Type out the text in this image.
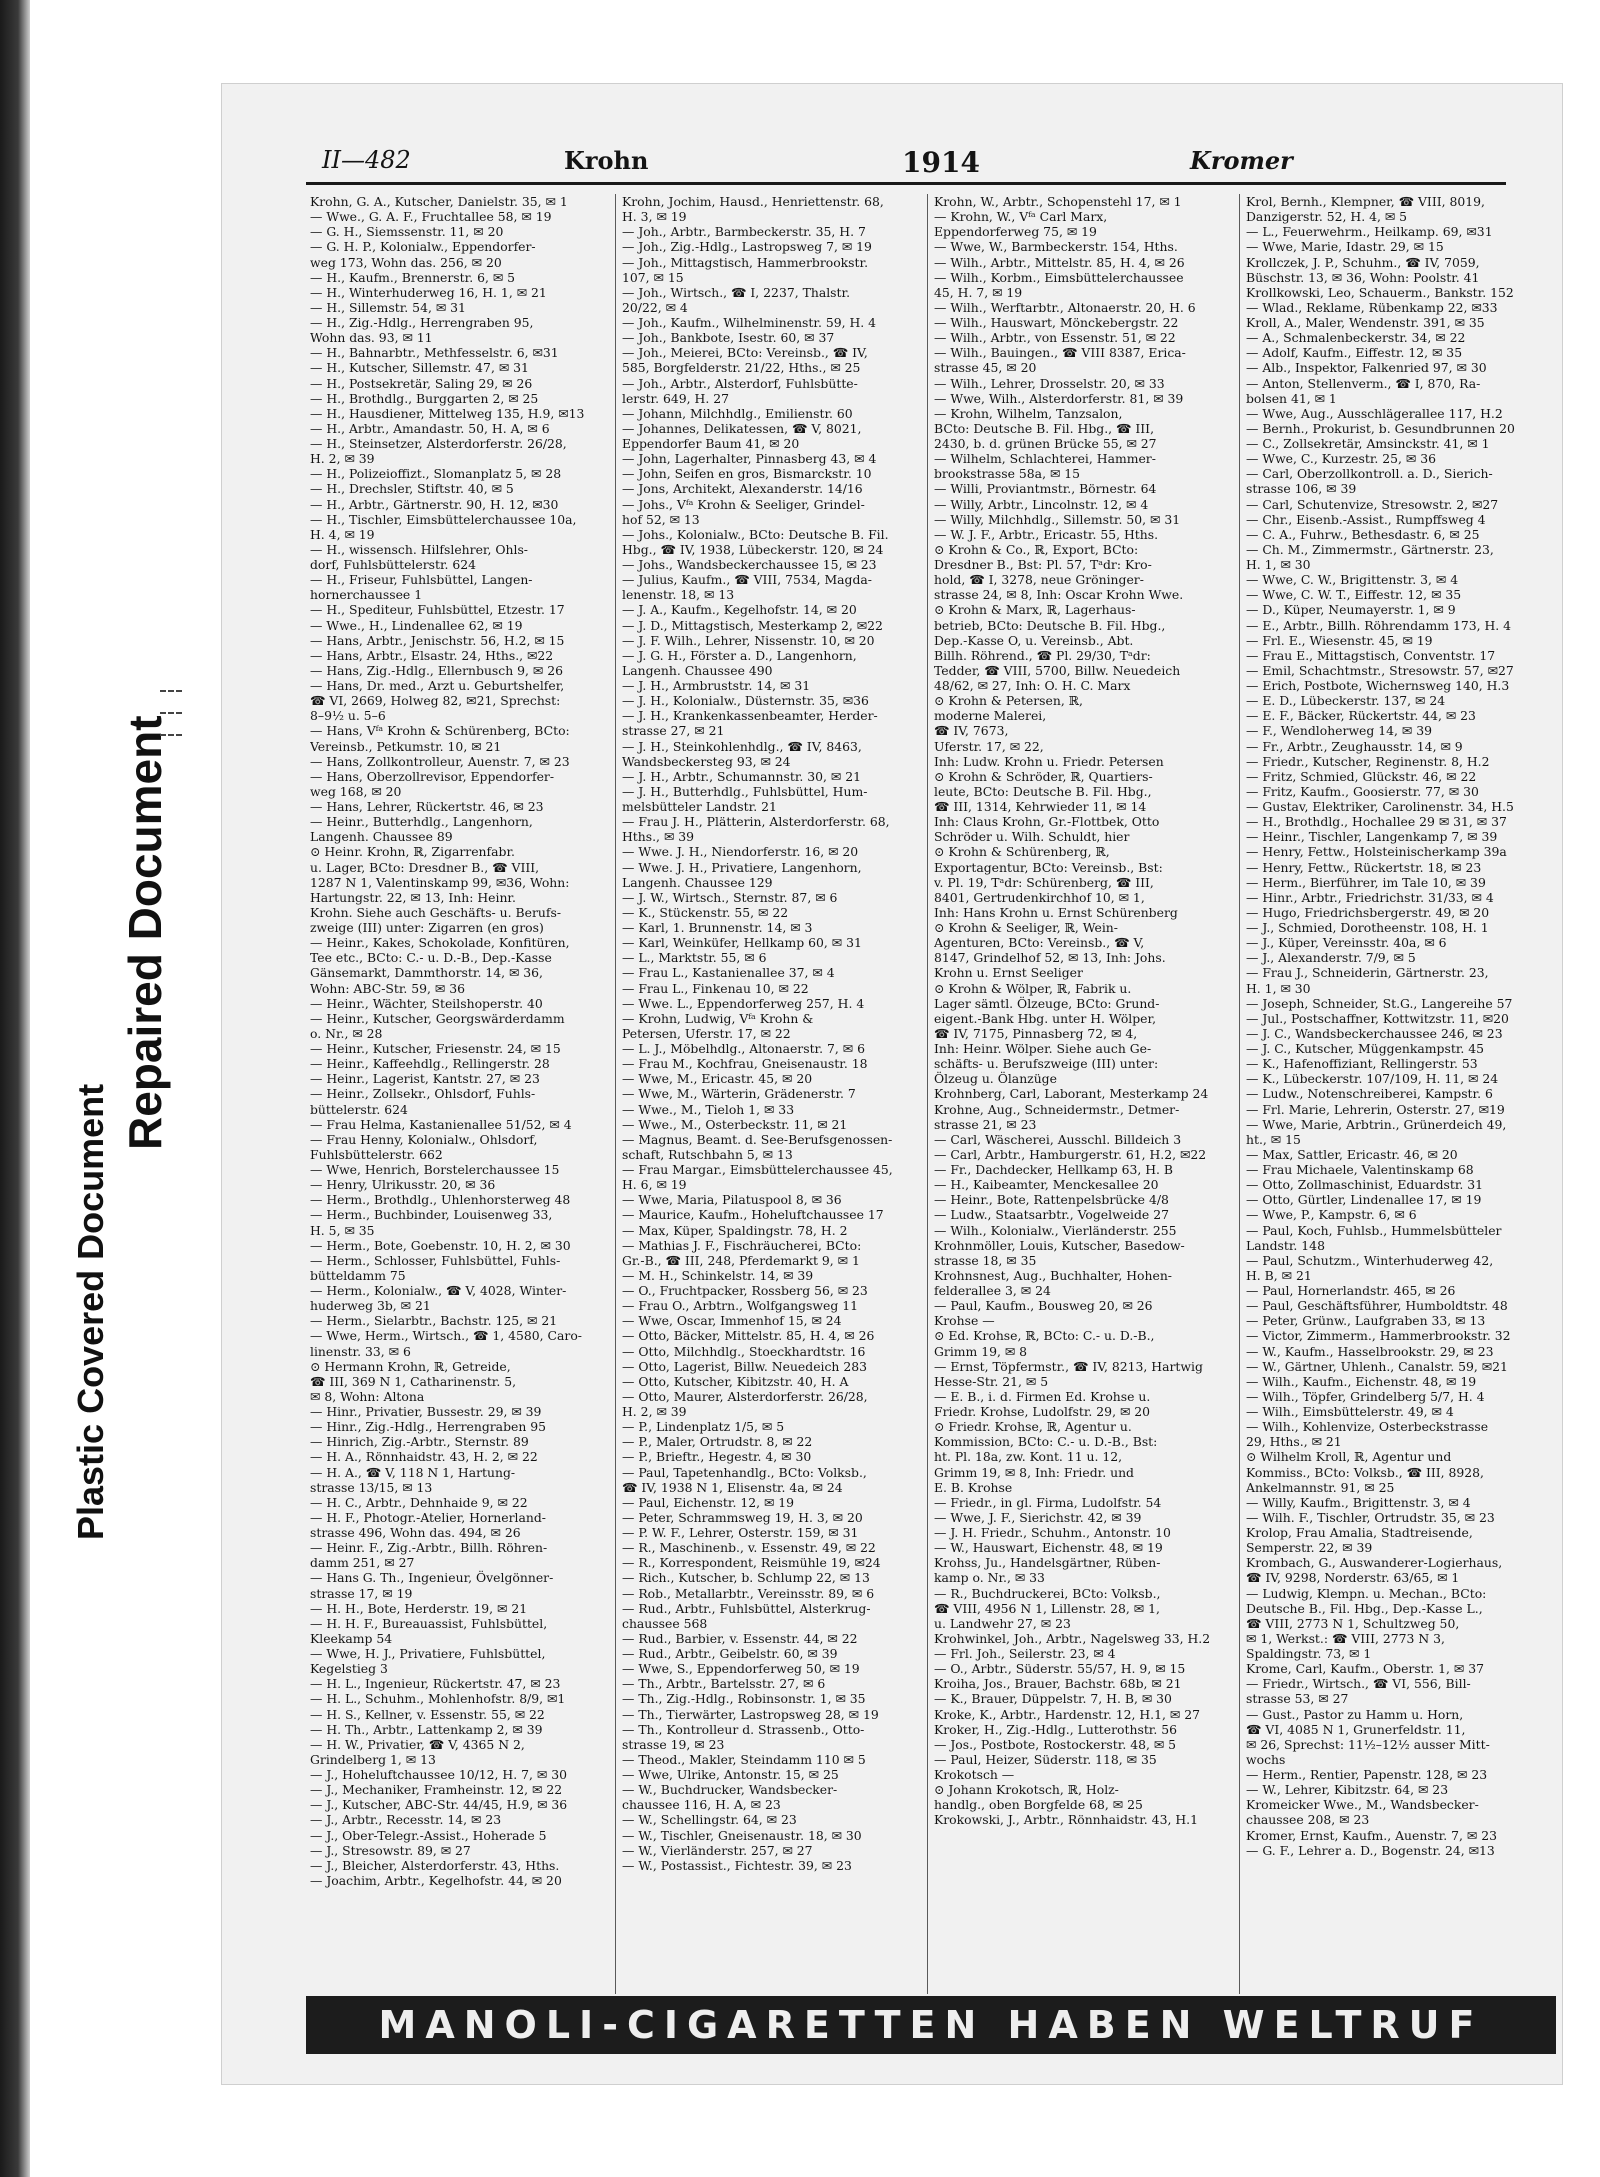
Plastic Covered Document
Repaired Document
II—482	Krohn	1914	Kromer
Krohn, G. A., Kutscher, Danielstr. 35, ✉ 1
— Wwe., G. A. F., Fruchtallee 58, ✉ 19
— G. H., Siemssenstr. 11, ✉ 20
— G. H. P., Kolonialw., Eppendorfer-
weg 173, Wohn das. 256, ✉ 20
— H., Kaufm., Brennerstr. 6, ✉ 5
— H., Winterhuderweg 16, H. 1, ✉ 21
— H., Sillemstr. 54, ✉ 31
— H., Zig.-Hdlg., Herrengraben 95,
Wohn das. 93, ✉ 11
— H., Bahnarbtr., Methfesselstr. 6, ✉31
— H., Kutscher, Sillemstr. 47, ✉ 31
— H., Postsekretär, Saling 29, ✉ 26
— H., Brothdlg., Burggarten 2, ✉ 25
— H., Hausdiener, Mittelweg 135, H.9, ✉13
— H., Arbtr., Amandastr. 50, H. A, ✉ 6
— H., Steinsetzer, Alsterdorferstr. 26/28,
H. 2, ✉ 39
— H., Polizeioffizt., Slomanplatz 5, ✉ 28
— H., Drechsler, Stiftstr. 40, ✉ 5
— H., Arbtr., Gärtnerstr. 90, H. 12, ✉30
— H., Tischler, Eimsbüttelerchaussee 10a,
H. 4, ✉ 19
— H., wissensch. Hilfslehrer, Ohls-
dorf, Fuhlsbüttelerstr. 624
— H., Friseur, Fuhlsbüttel, Langen-
hornerchaussee 1
— H., Spediteur, Fuhlsbüttel, Etzestr. 17
— Wwe., H., Lindenallee 62, ✉ 19
— Hans, Arbtr., Jenischstr. 56, H.2, ✉ 15
— Hans, Arbtr., Elsastr. 24, Hths., ✉22
— Hans, Zig.-Hdlg., Ellernbusch 9, ✉ 26
— Hans, Dr. med., Arzt u. Geburtshelfer,
☎ VI, 2669, Holweg 82, ✉21, Sprechst:
8–9½ u. 5–6
— Hans, Vᶠᵃ Krohn & Schürenberg, BCto:
Vereinsb., Petkumstr. 10, ✉ 21
— Hans, Zollkontrolleur, Auenstr. 7, ✉ 23
— Hans, Oberzollrevisor, Eppendorfer-
weg 168, ✉ 20
— Hans, Lehrer, Rückertstr. 46, ✉ 23
— Heinr., Butterhdlg., Langenhorn,
Langenh. Chaussee 89
⊙ Heinr. Krohn, ℝ, Zigarrenfabr.
u. Lager, BCto: Dresdner B., ☎ VIII,
1287 N 1, Valentinskamp 99, ✉36, Wohn:
Hartungstr. 22, ✉ 13, Inh: Heinr.
Krohn. Siehe auch Geschäfts- u. Berufs-
zweige (III) unter: Zigarren (en gros)
— Heinr., Kakes, Schokolade, Konfitüren,
Tee etc., BCto: C.- u. D.-B., Dep.-Kasse
Gänsemarkt, Dammthorstr. 14, ✉ 36,
Wohn: ABC-Str. 59, ✉ 36
— Heinr., Wächter, Steilshoperstr. 40
— Heinr., Kutscher, Georgswärderdamm
o. Nr., ✉ 28
— Heinr., Kutscher, Friesenstr. 24, ✉ 15
— Heinr., Kaffeehdlg., Rellingerstr. 28
— Heinr., Lagerist, Kantstr. 27, ✉ 23
— Heinr., Zollsekr., Ohlsdorf, Fuhls-
büttelerstr. 624
— Frau Helma, Kastanienallee 51/52, ✉ 4
— Frau Henny, Kolonialw., Ohlsdorf,
Fuhlsbüttelerstr. 662
— Wwe, Henrich, Borstelerchaussee 15
— Henry, Ulrikusstr. 20, ✉ 36
— Herm., Brothdlg., Uhlenhorsterweg 48
— Herm., Buchbinder, Louisenweg 33,
H. 5, ✉ 35
— Herm., Bote, Goebenstr. 10, H. 2, ✉ 30
— Herm., Schlosser, Fuhlsbüttel, Fuhls-
bütteldamm 75
— Herm., Kolonialw., ☎ V, 4028, Winter-
huderweg 3b, ✉ 21
— Herm., Sielarbtr., Bachstr. 125, ✉ 21
— Wwe, Herm., Wirtsch., ☎ 1, 4580, Caro-
linenstr. 33, ✉ 6
⊙ Hermann Krohn, ℝ, Getreide,
☎ III, 369 N 1, Catharinenstr. 5,
✉ 8, Wohn: Altona
— Hinr., Privatier, Bussestr. 29, ✉ 39
— Hinr., Zig.-Hdlg., Herrengraben 95
— Hinrich, Zig.-Arbtr., Sternstr. 89
— H. A., Rönnhaidstr. 43, H. 2, ✉ 22
— H. A., ☎ V, 118 N 1, Hartung-
strasse 13/15, ✉ 13
— H. C., Arbtr., Dehnhaide 9, ✉ 22
— H. F., Photogr.-Atelier, Hornerland-
strasse 496, Wohn das. 494, ✉ 26
— Heinr. F., Zig.-Arbtr., Billh. Röhren-
damm 251, ✉ 27
— Hans G. Th., Ingenieur, Övelgönner-
strasse 17, ✉ 19
— H. H., Bote, Herderstr. 19, ✉ 21
— H. H. F., Bureauassist, Fuhlsbüttel,
Kleekamp 54
— Wwe, H. J., Privatiere, Fuhlsbüttel,
Kegelstieg 3
— H. L., Ingenieur, Rückertstr. 47, ✉ 23
— H. L., Schuhm., Mohlenhofstr. 8/9, ✉1
— H. S., Kellner, v. Essenstr. 55, ✉ 22
— H. Th., Arbtr., Lattenkamp 2, ✉ 39
— H. W., Privatier, ☎ V, 4365 N 2,
Grindelberg 1, ✉ 13
— J., Hoheluftchaussee 10/12, H. 7, ✉ 30
— J., Mechaniker, Framheinstr. 12, ✉ 22
— J., Kutscher, ABC-Str. 44/45, H.9, ✉ 36
— J., Arbtr., Recesstr. 14, ✉ 23
— J., Ober-Telegr.-Assist., Hoherade 5
— J., Stresowstr. 89, ✉ 27
— J., Bleicher, Alsterdorferstr. 43, Hths.
— Joachim, Arbtr., Kegelhofstr. 44, ✉ 20
Krohn, Jochim, Hausd., Henriettenstr. 68,
H. 3, ✉ 19
— Joh., Arbtr., Barmbeckerstr. 35, H. 7
— Joh., Zig.-Hdlg., Lastropsweg 7, ✉ 19
— Joh., Mittagstisch, Hammerbrookstr.
107, ✉ 15
— Joh., Wirtsch., ☎ I, 2237, Thalstr.
20/22, ✉ 4
— Joh., Kaufm., Wilhelminenstr. 59, H. 4
— Joh., Bankbote, Isestr. 60, ✉ 37
— Joh., Meierei, BCto: Vereinsb., ☎ IV,
585, Borgfelderstr. 21/22, Hths., ✉ 25
— Joh., Arbtr., Alsterdorf, Fuhlsbütte-
lerstr. 649, H. 27
— Johann, Milchhdlg., Emilienstr. 60
— Johannes, Delikatessen, ☎ V, 8021,
Eppendorfer Baum 41, ✉ 20
— John, Lagerhalter, Pinnasberg 43, ✉ 4
— John, Seifen en gros, Bismarckstr. 10
— Jons, Architekt, Alexanderstr. 14/16
— Johs., Vᶠᵃ Krohn & Seeliger, Grindel-
hof 52, ✉ 13
— Johs., Kolonialw., BCto: Deutsche B. Fil.
Hbg., ☎ IV, 1938, Lübeckerstr. 120, ✉ 24
— Johs., Wandsbeckerchaussee 15, ✉ 23
— Julius, Kaufm., ☎ VIII, 7534, Magda-
lenenstr. 18, ✉ 13
— J. A., Kaufm., Kegelhofstr. 14, ✉ 20
— J. D., Mittagstisch, Mesterkamp 2, ✉22
— J. F. Wilh., Lehrer, Nissenstr. 10, ✉ 20
— J. G. H., Förster a. D., Langenhorn,
Langenh. Chaussee 490
— J. H., Armbruststr. 14, ✉ 31
— J. H., Kolonialw., Düsternstr. 35, ✉36
— J. H., Krankenkassenbeamter, Herder-
strasse 27, ✉ 21
— J. H., Steinkohlenhdlg., ☎ IV, 8463,
Wandsbeckersteg 93, ✉ 24
— J. H., Arbtr., Schumannstr. 30, ✉ 21
— J. H., Butterhdlg., Fuhlsbüttel, Hum-
melsbütteler Landstr. 21
— Frau J. H., Plätterin, Alsterdorferstr. 68,
Hths., ✉ 39
— Wwe. J. H., Niendorferstr. 16, ✉ 20
— Wwe. J. H., Privatiere, Langenhorn,
Langenh. Chaussee 129
— J. W., Wirtsch., Sternstr. 87, ✉ 6
— K., Stückenstr. 55, ✉ 22
— Karl, 1. Brunnenstr. 14, ✉ 3
— Karl, Weinküfer, Hellkamp 60, ✉ 31
— L., Marktstr. 55, ✉ 6
— Frau L., Kastanienallee 37, ✉ 4
— Frau L., Finkenau 10, ✉ 22
— Wwe. L., Eppendorferweg 257, H. 4
— Krohn, Ludwig, Vᶠᵃ Krohn &
Petersen, Uferstr. 17, ✉ 22
— L. J., Möbelhdlg., Altonaerstr. 7, ✉ 6
— Frau M., Kochfrau, Gneisenaustr. 18
— Wwe, M., Ericastr. 45, ✉ 20
— Wwe, M., Wärterin, Grädenerstr. 7
— Wwe., M., Tieloh 1, ✉ 33
— Wwe., M., Osterbeckstr. 11, ✉ 21
— Magnus, Beamt. d. See-Berufsgenossen-
schaft, Rutschbahn 5, ✉ 13
— Frau Margar., Eimsbüttelerchaussee 45,
H. 6, ✉ 19
— Wwe, Maria, Pilatuspool 8, ✉ 36
— Maurice, Kaufm., Hoheluftchaussee 17
— Max, Küper, Spaldingstr. 78, H. 2
— Mathias J. F., Fischräucherei, BCto:
Gr.-B., ☎ III, 248, Pferdemarkt 9, ✉ 1
— M. H., Schinkelstr. 14, ✉ 39
— O., Fruchtpacker, Rossberg 56, ✉ 23
— Frau O., Arbtrn., Wolfgangsweg 11
— Wwe, Oscar, Immenhof 15, ✉ 24
— Otto, Bäcker, Mittelstr. 85, H. 4, ✉ 26
— Otto, Milchhdlg., Stoeckhardtstr. 16
— Otto, Lagerist, Billw. Neuedeich 283
— Otto, Kutscher, Kibitzstr. 40, H. A
— Otto, Maurer, Alsterdorferstr. 26/28,
H. 2, ✉ 39
— P., Lindenplatz 1/5, ✉ 5
— P., Maler, Ortrudstr. 8, ✉ 22
— P., Brieftr., Hegestr. 4, ✉ 30
— Paul, Tapetenhandlg., BCto: Volksb.,
☎ IV, 1938 N 1, Elisenstr. 4a, ✉ 24
— Paul, Eichenstr. 12, ✉ 19
— Peter, Schrammsweg 19, H. 3, ✉ 20
— P. W. F., Lehrer, Osterstr. 159, ✉ 31
— R., Maschinenb., v. Essenstr. 49, ✉ 22
— R., Korrespondent, Reismühle 19, ✉24
— Rich., Kutscher, b. Schlump 22, ✉ 13
— Rob., Metallarbtr., Vereinsstr. 89, ✉ 6
— Rud., Arbtr., Fuhlsbüttel, Alsterkrug-
chaussee 568
— Rud., Barbier, v. Essenstr. 44, ✉ 22
— Rud., Arbtr., Geibelstr. 60, ✉ 39
— Wwe, S., Eppendorferweg 50, ✉ 19
— Th., Arbtr., Bartelsstr. 27, ✉ 6
— Th., Zig.-Hdlg., Robinsonstr. 1, ✉ 35
— Th., Tierwärter, Lastropsweg 28, ✉ 19
— Th., Kontrolleur d. Strassenb., Otto-
strasse 19, ✉ 23
— Theod., Makler, Steindamm 110 ✉ 5
— Wwe, Ulrike, Antonstr. 15, ✉ 25
— W., Buchdrucker, Wandsbecker-
chaussee 116, H. A, ✉ 23
— W., Schellingstr. 64, ✉ 23
— W., Tischler, Gneisenaustr. 18, ✉ 30
— W., Vierländerstr. 257, ✉ 27
— W., Postassist., Fichtestr. 39, ✉ 23
Krohn, W., Arbtr., Schopenstehl 17, ✉ 1
— Krohn, W., Vᶠᵃ Carl Marx,
Eppendorferweg 75, ✉ 19
— Wwe, W., Barmbeckerstr. 154, Hths.
— Wilh., Arbtr., Mittelstr. 85, H. 4, ✉ 26
— Wilh., Korbm., Eimsbüttelerchaussee
45, H. 7, ✉ 19
— Wilh., Werftarbtr., Altonaerstr. 20, H. 6
— Wilh., Hauswart, Mönckebergstr. 22
— Wilh., Arbtr., von Essenstr. 51, ✉ 22
— Wilh., Bauingen., ☎ VIII 8387, Erica-
strasse 45, ✉ 20
— Wilh., Lehrer, Drosselstr. 20, ✉ 33
— Wwe, Wilh., Alsterdorferstr. 81, ✉ 39
— Krohn, Wilhelm, Tanzsalon,
BCto: Deutsche B. Fil. Hbg., ☎ III,
2430, b. d. grünen Brücke 55, ✉ 27
— Wilhelm, Schlachterei, Hammer-
brookstrasse 58a, ✉ 15
— Willi, Proviantmstr., Börnestr. 64
— Willy, Arbtr., Lincolnstr. 12, ✉ 4
— Willy, Milchhdlg., Sillemstr. 50, ✉ 31
— W. J. F., Arbtr., Ericastr. 55, Hths.
⊙ Krohn & Co., ℝ, Export, BCto:
Dresdner B., Bst: Pl. 57, Tᵃdr: Kro-
hold, ☎ I, 3278, neue Gröninger-
strasse 24, ✉ 8, Inh: Oscar Krohn Wwe.
⊙ Krohn & Marx, ℝ, Lagerhaus-
betrieb, BCto: Deutsche B. Fil. Hbg.,
Dep.-Kasse O, u. Vereinsb., Abt.
Billh. Röhrend., ☎ Pl. 29/30, Tᵃdr:
Tedder, ☎ VIII, 5700, Billw. Neuedeich
48/62, ✉ 27, Inh: O. H. C. Marx
⊙ Krohn & Petersen, ℝ,
moderne Malerei,
☎ IV, 7673,
Uferstr. 17, ✉ 22,
Inh: Ludw. Krohn u. Friedr. Petersen
⊙ Krohn & Schröder, ℝ, Quartiers-
leute, BCto: Deutsche B. Fil. Hbg.,
☎ III, 1314, Kehrwieder 11, ✉ 14
Inh: Claus Krohn, Gr.-Flottbek, Otto
Schröder u. Wilh. Schuldt, hier
⊙ Krohn & Schürenberg, ℝ,
Exportagentur, BCto: Vereinsb., Bst:
v. Pl. 19, Tᵃdr: Schürenberg, ☎ III,
8401, Gertrudenkirchhof 10, ✉ 1,
Inh: Hans Krohn u. Ernst Schürenberg
⊙ Krohn & Seeliger, ℝ, Wein-
Agenturen, BCto: Vereinsb., ☎ V,
8147, Grindelhof 52, ✉ 13, Inh: Johs.
Krohn u. Ernst Seeliger
⊙ Krohn & Wölper, ℝ, Fabrik u.
Lager sämtl. Ölzeuge, BCto: Grund-
eigent.-Bank Hbg. unter H. Wölper,
☎ IV, 7175, Pinnasberg 72, ✉ 4,
Inh: Heinr. Wölper. Siehe auch Ge-
schäfts- u. Berufszweige (III) unter:
Ölzeug u. Ölanzüge
Krohnberg, Carl, Laborant, Mesterkamp 24
Krohne, Aug., Schneidermstr., Detmer-
strasse 21, ✉ 23
— Carl, Wäscherei, Ausschl. Billdeich 3
— Carl, Arbtr., Hamburgerstr. 61, H.2, ✉22
— Fr., Dachdecker, Hellkamp 63, H. B
— H., Kaibeamter, Menckesallee 20
— Heinr., Bote, Rattenpelsbrücke 4/8
— Ludw., Staatsarbtr., Vogelweide 27
— Wilh., Kolonialw., Vierländerstr. 255
Krohnmöller, Louis, Kutscher, Basedow-
strasse 18, ✉ 35
Krohnsnest, Aug., Buchhalter, Hohen-
felderallee 3, ✉ 24
— Paul, Kaufm., Bousweg 20, ✉ 26
Krohse —
⊙ Ed. Krohse, ℝ, BCto: C.- u. D.-B.,
Grimm 19, ✉ 8
— Ernst, Töpfermstr., ☎ IV, 8213, Hartwig
Hesse-Str. 21, ✉ 5
— E. B., i. d. Firmen Ed. Krohse u.
Friedr. Krohse, Ludolfstr. 29, ✉ 20
⊙ Friedr. Krohse, ℝ, Agentur u.
Kommission, BCto: C.- u. D.-B., Bst:
ht. Pl. 18a, zw. Kont. 11 u. 12,
Grimm 19, ✉ 8, Inh: Friedr. und
E. B. Krohse
— Friedr., in gl. Firma, Ludolfstr. 54
— Wwe, J. F., Sierichstr. 42, ✉ 39
— J. H. Friedr., Schuhm., Antonstr. 10
— W., Hauswart, Eichenstr. 48, ✉ 19
Krohss, Ju., Handelsgärtner, Rüben-
kamp o. Nr., ✉ 33
— R., Buchdruckerei, BCto: Volksb.,
☎ VIII, 4956 N 1, Lillenstr. 28, ✉ 1,
u. Landwehr 27, ✉ 23
Krohwinkel, Joh., Arbtr., Nagelsweg 33, H.2
— Frl. Joh., Seilerstr. 23, ✉ 4
— O., Arbtr., Süderstr. 55/57, H. 9, ✉ 15
Kroiha, Jos., Brauer, Bachstr. 68b, ✉ 21
— K., Brauer, Düppelstr. 7, H. B, ✉ 30
Kroke, K., Arbtr., Hardenstr. 12, H.1, ✉ 27
Kroker, H., Zig.-Hdlg., Lutterothstr. 56
— Jos., Postbote, Rostockerstr. 48, ✉ 5
— Paul, Heizer, Süderstr. 118, ✉ 35
Krokotsch —
⊙ Johann Krokotsch, ℝ, Holz-
handlg., oben Borgfelde 68, ✉ 25
Krokowski, J., Arbtr., Rönnhaidstr. 43, H.1
Krol, Bernh., Klempner, ☎ VIII, 8019,
Danzigerstr. 52, H. 4, ✉ 5
— L., Feuerwehrm., Heilkamp. 69, ✉31
— Wwe, Marie, Idastr. 29, ✉ 15
Krollczek, J. P., Schuhm., ☎ IV, 7059,
Büschstr. 13, ✉ 36, Wohn: Poolstr. 41
Krollkowski, Leo, Schauerm., Bankstr. 152
— Wlad., Reklame, Rübenkamp 22, ✉33
Kroll, A., Maler, Wendenstr. 391, ✉ 35
— A., Schmalenbeckerstr. 34, ✉ 22
— Adolf, Kaufm., Eiffestr. 12, ✉ 35
— Alb., Inspektor, Falkenried 97, ✉ 30
— Anton, Stellenverm., ☎ I, 870, Ra-
bolsen 41, ✉ 1
— Wwe, Aug., Ausschlägerallee 117, H.2
— Bernh., Prokurist, b. Gesundbrunnen 20
— C., Zollsekretär, Amsinckstr. 41, ✉ 1
— Wwe, C., Kurzestr. 25, ✉ 36
— Carl, Oberzollkontroll. a. D., Sierich-
strasse 106, ✉ 39
— Carl, Schutenvize, Stresowstr. 2, ✉27
— Chr., Eisenb.-Assist., Rumpffsweg 4
— C. A., Fuhrw., Bethesdastr. 6, ✉ 25
— Ch. M., Zimmermstr., Gärtnerstr. 23,
H. 1, ✉ 30
— Wwe, C. W., Brigittenstr. 3, ✉ 4
— Wwe, C. W. T., Eiffestr. 12, ✉ 35
— D., Küper, Neumayerstr. 1, ✉ 9
— E., Arbtr., Billh. Röhrendamm 173, H. 4
— Frl. E., Wiesenstr. 45, ✉ 19
— Frau E., Mittagstisch, Conventstr. 17
— Emil, Schachtmstr., Stresowstr. 57, ✉27
— Erich, Postbote, Wichernsweg 140, H.3
— E. D., Lübeckerstr. 137, ✉ 24
— E. F., Bäcker, Rückertstr. 44, ✉ 23
— F., Wendloherweg 14, ✉ 39
— Fr., Arbtr., Zeughausstr. 14, ✉ 9
— Friedr., Kutscher, Reginenstr. 8, H.2
— Fritz, Schmied, Glückstr. 46, ✉ 22
— Fritz, Kaufm., Goosierstr. 77, ✉ 30
— Gustav, Elektriker, Carolinenstr. 34, H.5
— H., Brothdlg., Hochallee 29 ✉ 31, ✉ 37
— Heinr., Tischler, Langenkamp 7, ✉ 39
— Henry, Fettw., Holsteinischerkamp 39a
— Henry, Fettw., Rückertstr. 18, ✉ 23
— Herm., Bierführer, im Tale 10, ✉ 39
— Hinr., Arbtr., Friedrichstr. 31/33, ✉ 4
— Hugo, Friedrichsbergerstr. 49, ✉ 20
— J., Schmied, Dorotheenstr. 108, H. 1
— J., Küper, Vereinsstr. 40a, ✉ 6
— J., Alexanderstr. 7/9, ✉ 5
— Frau J., Schneiderin, Gärtnerstr. 23,
H. 1, ✉ 30
— Joseph, Schneider, St.G., Langereihe 57
— Jul., Postschaffner, Kottwitzstr. 11, ✉20
— J. C., Wandsbeckerchaussee 246, ✉ 23
— J. C., Kutscher, Müggenkampstr. 45
— K., Hafenoffiziant, Rellingerstr. 53
— K., Lübeckerstr. 107/109, H. 11, ✉ 24
— Ludw., Notenschreiberei, Kampstr. 6
— Frl. Marie, Lehrerin, Osterstr. 27, ✉19
— Wwe, Marie, Arbtrin., Grünerdeich 49,
ht., ✉ 15
— Max, Sattler, Ericastr. 46, ✉ 20
— Frau Michaele, Valentinskamp 68
— Otto, Zollmaschinist, Eduardstr. 31
— Otto, Gürtler, Lindenallee 17, ✉ 19
— Wwe, P., Kampstr. 6, ✉ 6
— Paul, Koch, Fuhlsb., Hummelsbütteler
Landstr. 148
— Paul, Schutzm., Winterhuderweg 42,
H. B, ✉ 21
— Paul, Hornerlandstr. 465, ✉ 26
— Paul, Geschäftsführer, Humboldtstr. 48
— Peter, Grünw., Laufgraben 33, ✉ 13
— Victor, Zimmerm., Hammerbrookstr. 32
— W., Kaufm., Hasselbrookstr. 29, ✉ 23
— W., Gärtner, Uhlenh., Canalstr. 59, ✉21
— Wilh., Kaufm., Eichenstr. 48, ✉ 19
— Wilh., Töpfer, Grindelberg 5/7, H. 4
— Wilh., Eimsbüttelerstr. 49, ✉ 4
— Wilh., Kohlenvize, Osterbeckstrasse
29, Hths., ✉ 21
⊙ Wilhelm Kroll, ℝ, Agentur und
Kommiss., BCto: Volksb., ☎ III, 8928,
Ankelmannstr. 91, ✉ 25
— Willy, Kaufm., Brigittenstr. 3, ✉ 4
— Wilh. F., Tischler, Ortrudstr. 35, ✉ 23
Krolop, Frau Amalia, Stadtreisende,
Semperstr. 22, ✉ 39
Krombach, G., Auswanderer-Logierhaus,
☎ IV, 9298, Norderstr. 63/65, ✉ 1
— Ludwig, Klempn. u. Mechan., BCto:
Deutsche B., Fil. Hbg., Dep.-Kasse L.,
☎ VIII, 2773 N 1, Schultzweg 50,
✉ 1, Werkst.: ☎ VIII, 2773 N 3,
Spaldingstr. 73, ✉ 1
Krome, Carl, Kaufm., Oberstr. 1, ✉ 37
— Friedr., Wirtsch., ☎ VI, 556, Bill-
strasse 53, ✉ 27
— Gust., Pastor zu Hamm u. Horn,
☎ VI, 4085 N 1, Grunerfeldstr. 11,
✉ 26, Sprechst: 11½–12½ ausser Mitt-
wochs
— Herm., Rentier, Papenstr. 128, ✉ 23
— W., Lehrer, Kibitzstr. 64, ✉ 23
Kromeicker Wwe., M., Wandsbecker-
chaussee 208, ✉ 23
Kromer, Ernst, Kaufm., Auenstr. 7, ✉ 23
— G. F., Lehrer a. D., Bogenstr. 24, ✉13
MANOLI-CIGARETTEN HABEN WELTRUF
